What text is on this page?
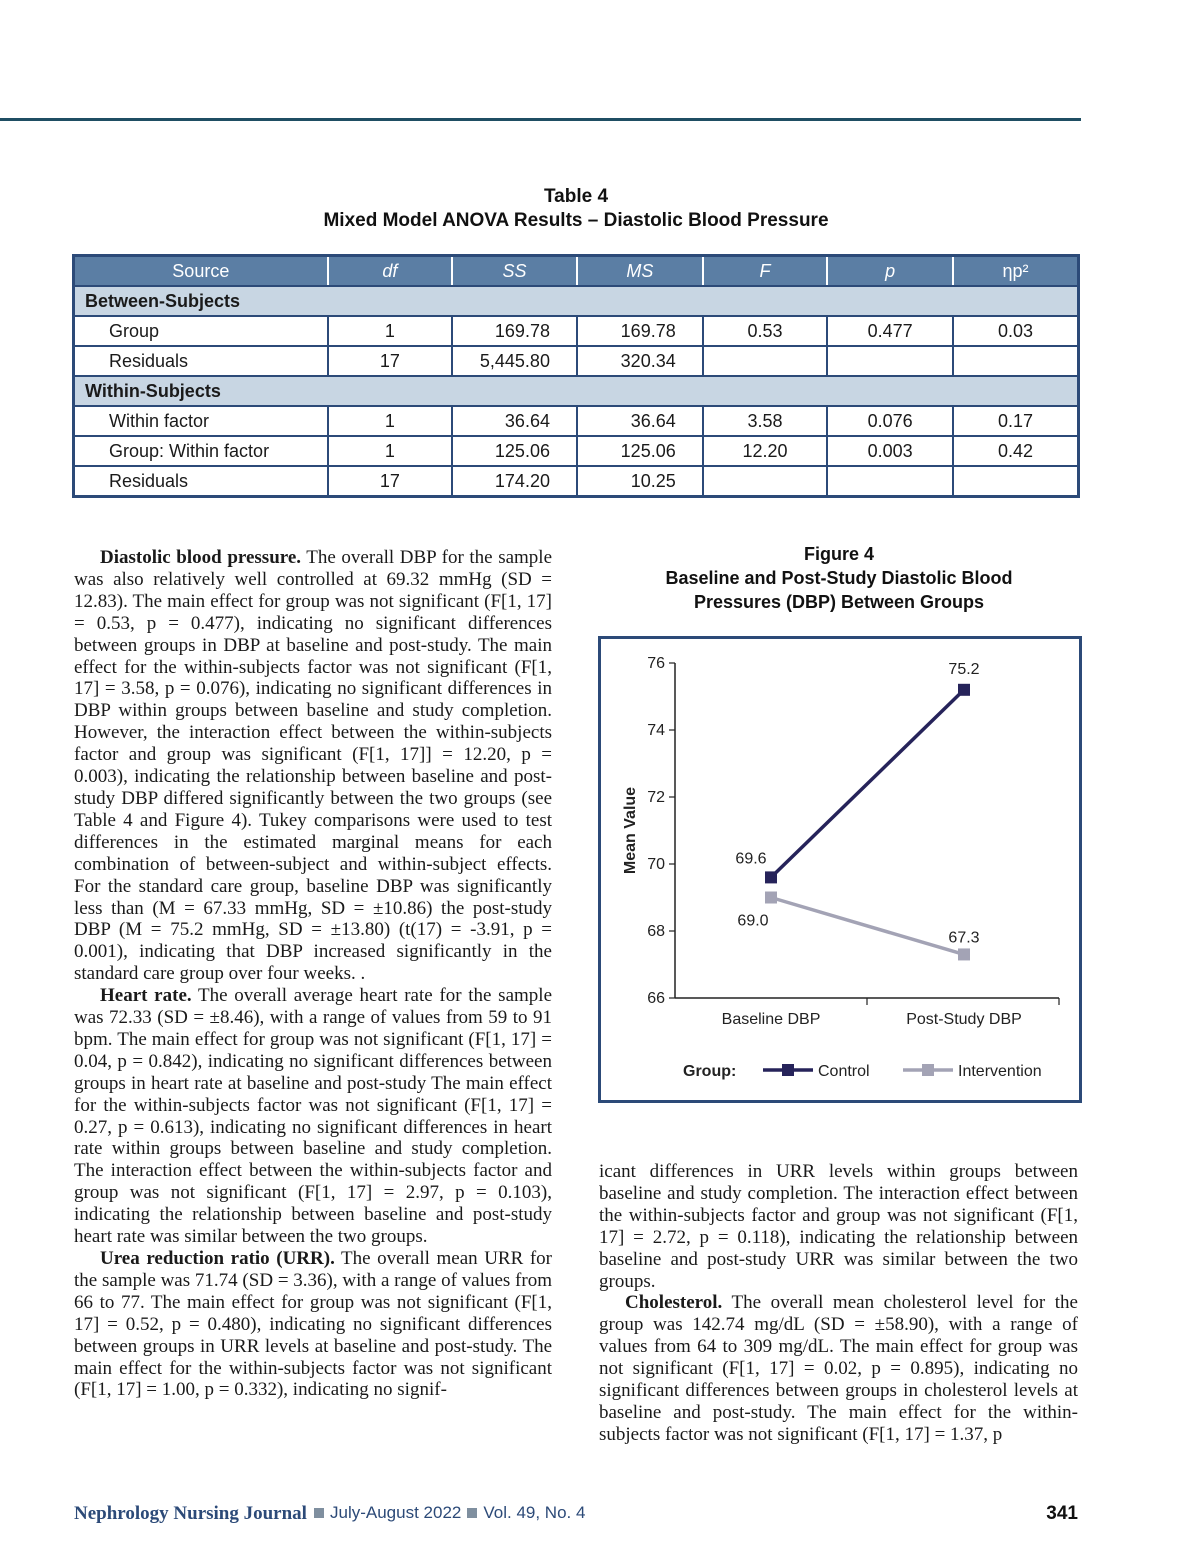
Table 4
Mixed Model ANOVA Results – Diastolic Blood Pressure
Source	df	SS	MS	F	p	ηp²
Between-Subjects						
Group	1	169.78	169.78	0.53	0.477	0.03
Residuals	17	5,445.80	320.34			
Within-Subjects						
Within factor	1	36.64	36.64	3.58	0.076	0.17
Group: Within factor	1	125.06	125.06	12.20	0.003	0.42
Residuals	17	174.20	10.25			

Diastolic blood pressure. The overall DBP for the sample was also relatively well controlled at 69.32 mmHg (SD = 12.83). The main effect for group was not significant (F[1, 17] = 0.53, p = 0.477), indicating no significant differences between groups in DBP at baseline and post-study. The main effect for the within-subjects factor was not significant (F[1, 17] = 3.58, p = 0.076), indicating no significant differences in DBP within groups between baseline and study completion. However, the interaction effect between the within-subjects factor and group was significant (F[1, 17]] = 12.20, p = 0.003), indicating the relationship between baseline and post-study DBP differed significantly between the two groups (see Table 4 and Figure 4). Tukey comparisons were used to test differences in the estimated marginal means for each combination of between-subject and within-subject effects. For the standard care group, baseline DBP was significantly less than (M = 67.33 mmHg, SD = ±10.86) the post-study DBP (M = 75.2 mmHg, SD = ±13.80) (t(17) = -3.91, p = 0.001), indicating that DBP increased significantly in the standard care group over four weeks. .

Heart rate. The overall average heart rate for the sample was 72.33 (SD = ±8.46), with a range of values from 59 to 91 bpm. The main effect for group was not significant (F[1, 17] = 0.04, p = 0.842), indicating no significant differences between groups in heart rate at baseline and post-study The main effect for the within-subjects factor was not significant (F[1, 17] = 0.27, p = 0.613), indicating no significant differences in heart rate within groups between baseline and study completion. The interaction effect between the within-subjects factor and group was not significant (F[1, 17] = 2.97, p = 0.103), indicating the relationship between baseline and post-study heart rate was similar between the two groups.

Urea reduction ratio (URR). The overall mean URR for the sample was 71.74 (SD = 3.36), with a range of values from 66 to 77. The main effect for group was not significant (F[1, 17] = 0.52, p = 0.480), indicating no significant differences between groups in URR levels at baseline and post-study. The main effect for the within-subjects factor was not significant (F[1, 17] = 1.00, p = 0.332), indicating no signif-

Figure 4
Baseline and Post-Study Diastolic Blood
Pressures (DBP) Between Groups
66
68
70
72
74
76
Baseline DBP	Post-Study DBP
Mean Value	69.6
75.2
69.0
67.3
Group:	Control	Intervention

icant differences in URR levels within groups between baseline and study completion. The interaction effect between the within-subjects factor and group was not significant (F[1, 17] = 2.72, p = 0.118), indicating the relationship between baseline and post-study URR was similar between the two groups.

Cholesterol. The overall mean cholesterol level for the group was 142.74 mg/dL (SD = ±58.90), with a range of values from 64 to 309 mg/dL. The main effect for group was not significant (F[1, 17] = 0.02, p = 0.895), indicating no significant differences between groups in cholesterol levels at baseline and post-study. The main effect for the within-subjects factor was not significant (F[1, 17] = 1.37, p

Nephrology Nursing Journal	July-August 2022 Vol. 49, No. 4	341
